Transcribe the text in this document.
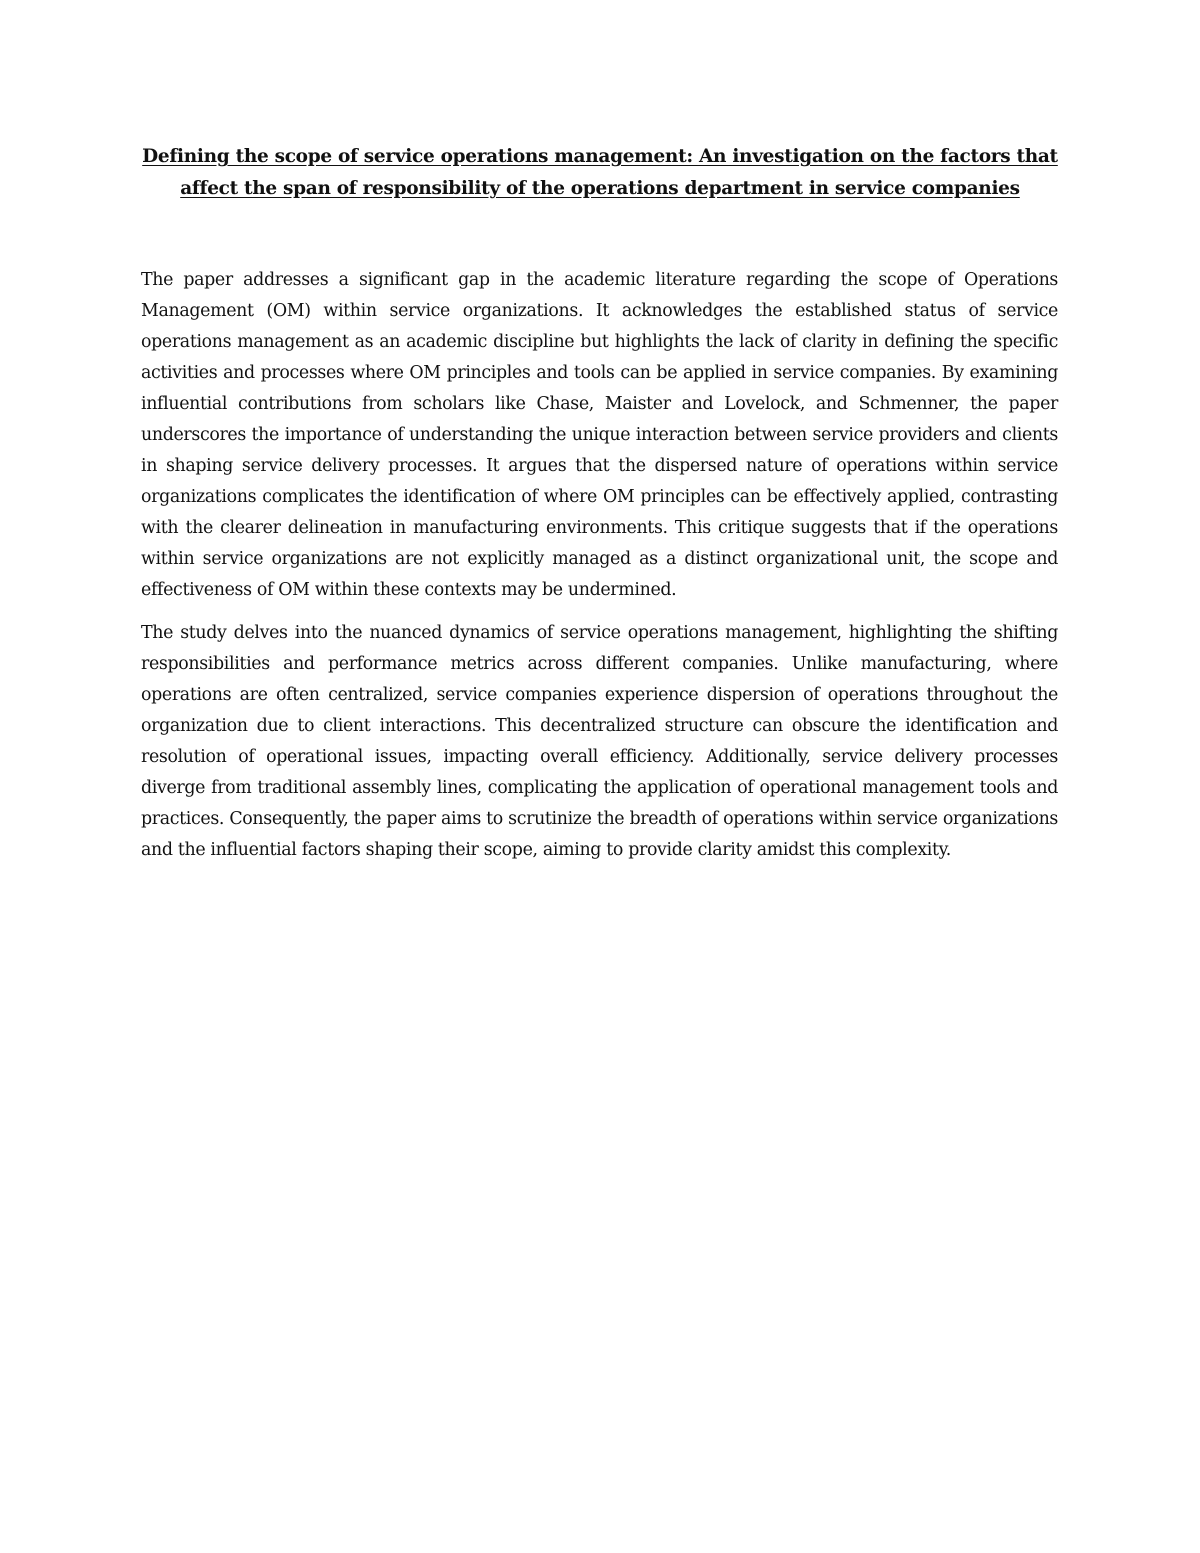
Defining the scope of service operations management: An investigation on the factors that affect the span of responsibility of the operations department in service companies

The paper addresses a significant gap in the academic literature regarding the scope of Operations Management (OM) within service organizations. It acknowledges the established status of service operations management as an academic discipline but highlights the lack of clarity in defining the specific activities and processes where OM principles and tools can be applied in service companies. By examining influential contributions from scholars like Chase, Maister and Lovelock, and Schmenner, the paper underscores the importance of understanding the unique interaction between service providers and clients in shaping service delivery processes. It argues that the dispersed nature of operations within service organizations complicates the identification of where OM principles can be effectively applied, contrasting with the clearer delineation in manufacturing environments. This critique suggests that if the operations within service organizations are not explicitly managed as a distinct organizational unit, the scope and effectiveness of OM within these contexts may be undermined.

The study delves into the nuanced dynamics of service operations management, highlighting the shifting responsibilities and performance metrics across different companies. Unlike manufacturing, where operations are often centralized, service companies experience dispersion of operations throughout the organization due to client interactions. This decentralized structure can obscure the identification and resolution of operational issues, impacting overall efficiency. Additionally, service delivery processes diverge from traditional assembly lines, complicating the application of operational management tools and practices. Consequently, the paper aims to scrutinize the breadth of operations within service organizations and the influential factors shaping their scope, aiming to provide clarity amidst this complexity.
